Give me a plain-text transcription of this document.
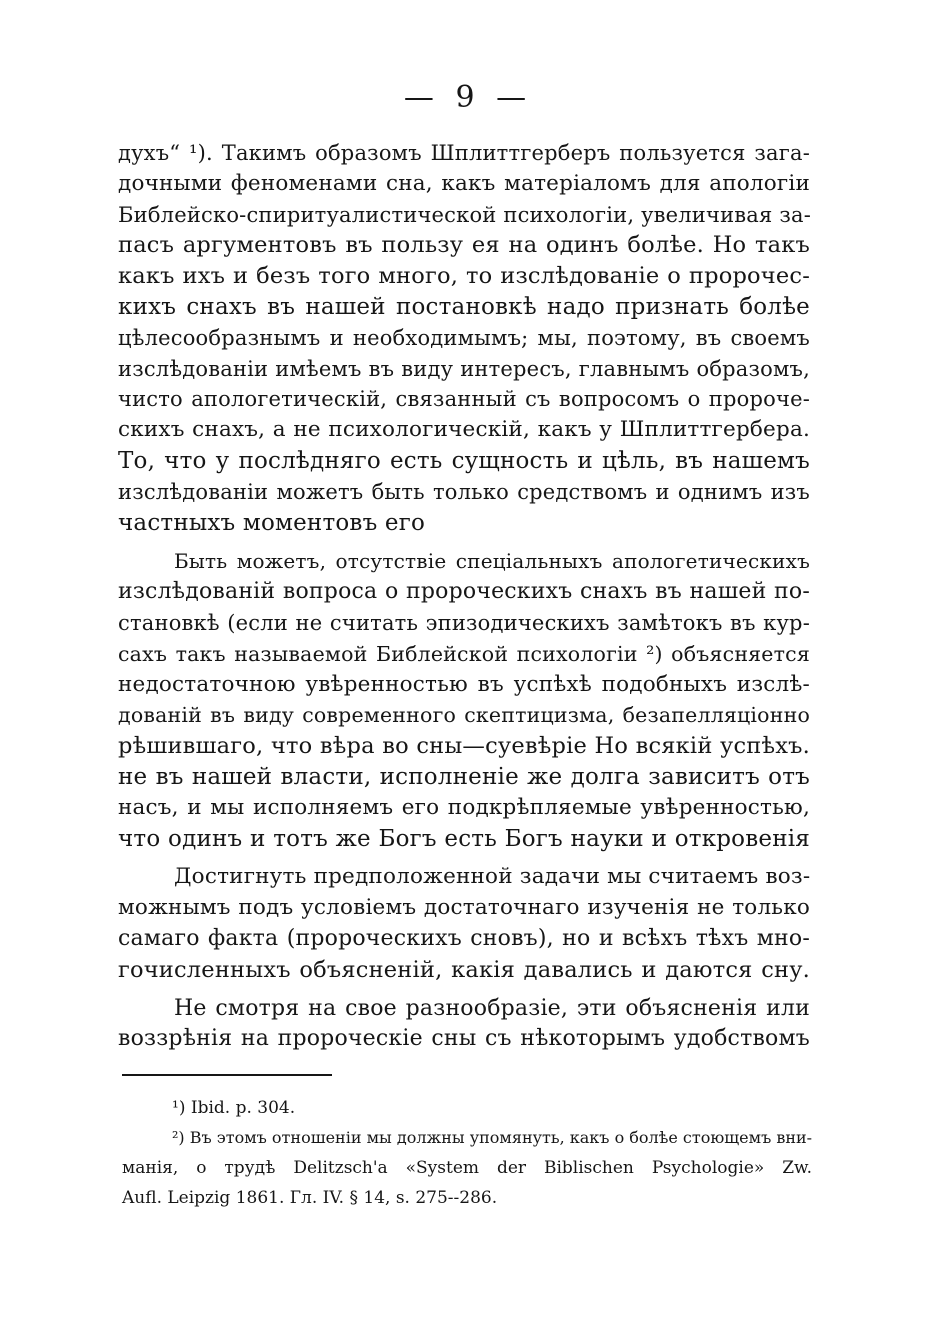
— 9 —
духъ“ ¹). Такимъ образомъ Шплиттгерберъ пользуется зага-
дочными феноменами сна, какъ матеріаломъ для апологіи
Библейско-спиритуалистической психологіи, увеличивая за-
пасъ аргументовъ въ пользу ея на одинъ болѣе. Но такъ
какъ ихъ и безъ того много, то изслѣдованіе о пророчес-
кихъ снахъ въ нашей постановкѣ надо признать болѣе
цѣлесообразнымъ и необходимымъ; мы, поэтому, въ своемъ
изслѣдованіи имѣемъ въ виду интересъ, главнымъ образомъ,
чисто апологетическій, связанный съ вопросомъ о пророче-
скихъ снахъ, а не психологическій, какъ у Шплиттгербера.
То, что у послѣдняго есть сущность и цѣль, въ нашемъ
изслѣдованіи можетъ быть только средствомъ и однимъ изъ
частныхъ моментовъ его
Быть можетъ, отсутствіе спеціальныхъ апологетическихъ
изслѣдованій вопроса о пророческихъ снахъ въ нашей по-
становкѣ (если не считать эпизодическихъ замѣтокъ въ кур-
сахъ такъ называемой Библейской психологіи ²) объясняется
недостаточною увѣренностью въ успѣхѣ подобныхъ изслѣ-
дованій въ виду современного скептицизма, безапелляціонно
рѣшившаго, что вѣра во сны—суевѣріе Но всякій успѣхъ.
не въ нашей власти, исполненіе же долга зависитъ отъ
насъ, и мы исполняемъ его подкрѣпляемые увѣренностью,
что одинъ и тотъ же Богъ есть Богъ науки и откровенія
Достигнуть предположенной задачи мы считаемъ воз-
можнымъ подъ условіемъ достаточнаго изученія не только
самаго факта (пророческихъ сновъ), но и всѣхъ тѣхъ мно-
гочисленныхъ объясненій, какія давались и даются сну.
Не смотря на свое разнообразіе, эти объясненія или
воззрѣнія на пророческіе сны съ нѣкоторымъ удобствомъ
¹) Ibid. p. 304.
²) Въ этомъ отношеніи мы должны упомянуть, какъ о болѣе стоющемъ вни-
манія, о трудѣ Delitzsch'a «System der Biblischen Psychologie» Zw.
Aufl. Leipzig 1861. Гл. IV. § 14, s. 275--286.
